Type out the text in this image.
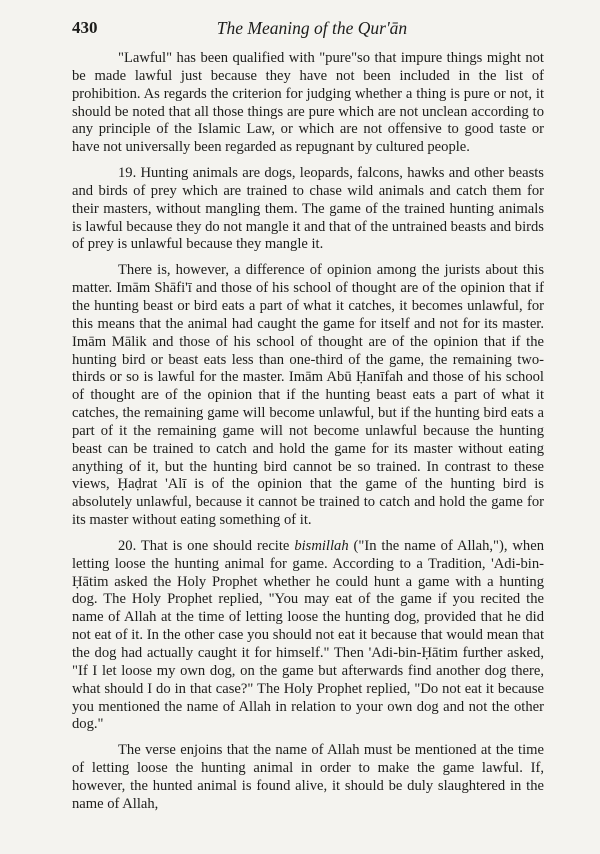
430	The Meaning of the Qur'ān

"Lawful" has been qualified with "pure"so that impure things might not be made lawful just because they have not been included in the list of prohibition. As regards the criterion for judging whether a thing is pure or not, it should be noted that all those things are pure which are not unclean according to any principle of the Islamic Law, or which are not offensive to good taste or have not universally been regarded as repugnant by cultured people.

19. Hunting animals are dogs, leopards, falcons, hawks and other beasts and birds of prey which are trained to chase wild animals and catch them for their masters, without mangling them. The game of the trained hunting animals is lawful because they do not mangle it and that of the untrained beasts and birds of prey is unlawful because they mangle it.

There is, however, a difference of opinion among the jurists about this matter. Imām Shāfi'ī and those of his school of thought are of the opinion that if the hunting beast or bird eats a part of what it catches, it becomes unlawful, for this means that the animal had caught the game for itself and not for its master. Imām Mālik and those of his school of thought are of the opinion that if the hunting bird or beast eats less than one-third of the game, the remaining two-thirds or so is lawful for the master. Imām Abū Ḥanīfah and those of his school of thought are of the opinion that if the hunting beast eats a part of what it catches, the remaining game will become unlawful, but if the hunting bird eats a part of it the remaining game will not become unlawful because the hunting beast can be trained to catch and hold the game for its master without eating anything of it, but the hunting bird cannot be so trained. In contrast to these views, Ḥaḍrat 'Alī is of the opinion that the game of the hunting bird is absolutely unlawful, because it cannot be trained to catch and hold the game for its master without eating something of it.

20. That is one should recite bismillah ("In the name of Allah,"), when letting loose the hunting animal for game. According to a Tradition, 'Adi-bin-Ḥātim asked the Holy Prophet whether he could hunt a game with a hunting dog. The Holy Prophet replied, "You may eat of the game if you recited the name of Allah at the time of letting loose the hunting dog, provided that he did not eat of it. In the other case you should not eat it because that would mean that the dog had actually caught it for himself." Then 'Adi-bin-Ḥātim further asked, "If I let loose my own dog, on the game but afterwards find another dog there, what should I do in that case?" The Holy Prophet replied, "Do not eat it because you mentioned the name of Allah in relation to your own dog and not the other dog."

The verse enjoins that the name of Allah must be mentioned at the time of letting loose the hunting animal in order to make the game lawful. If, however, the hunted animal is found alive, it should be duly slaughtered in the name of Allah,
